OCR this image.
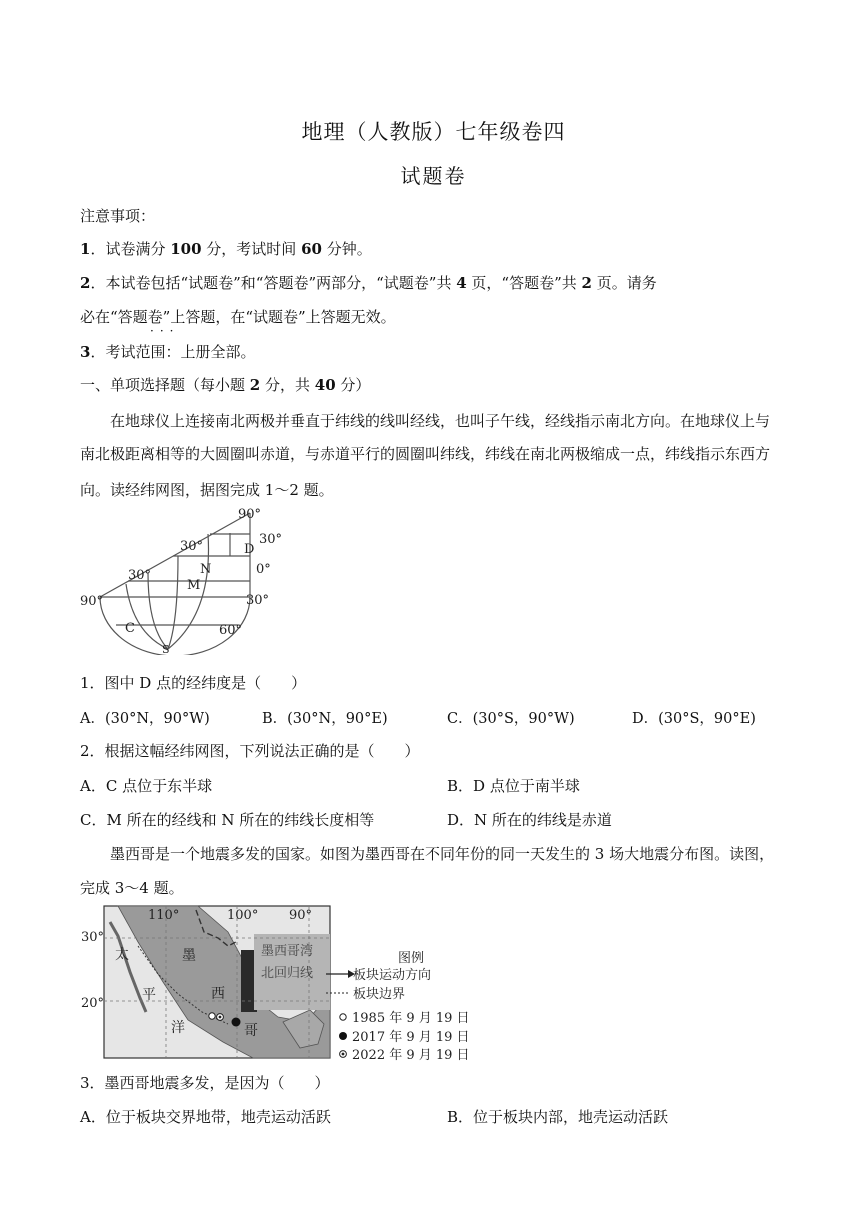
地理（人教版）七年级卷四
试题卷
注意事项：
1．试卷满分 100 分，考试时间 60 分钟。
2．本试卷包括“试题卷”和“答题卷”两部分，“试题卷”共 4 页，“答题卷”共 2 页。请务
必在“答题卷”上答题，在“试题卷”上答题无效。
···
3．考试范围：上册全部。
一、单项选择题（每小题 2 分，共 40 分）
在地球仪上连接南北两极并垂直于纬线的线叫经线，也叫子午线，经线指示南北方向。在地球仪上与
南北极距离相等的大圆圈叫赤道，与赤道平行的圆圈叫纬线，纬线在南北两极缩成一点，纬线指示东西方
向。读经纬网图，据图完成 1～2 题。
90°
30°	D
30°
30°	N	0°
M
90°	30°
C	60°
S
1．图中 D 点的经纬度是（　　）
A．(30°N，90°W)	B．(30°N，90°E)	C．(30°S，90°W)	D．(30°S，90°E)
2．根据这幅经纬网图，下列说法正确的是（　　）
A．C 点位于东半球	B．D 点位于南半球
C．M 所在的经线和 N 所在的纬线长度相等	D．N 所在的纬线是赤道
墨西哥是一个地震多发的国家。如图为墨西哥在不同年份的同一天发生的 3 场大地震分布图。读图，
完成 3～4 题。
110°	100° 90°
30°
20°
太
平
洋
墨
西
哥
墨西哥湾
北回归线
图例
板块运动方向
板块边界
1985 年 9 月 19 日
2017 年 9 月 19 日
2022 年 9 月 19 日
3．墨西哥地震多发，是因为（　　）
A．位于板块交界地带，地壳运动活跃	B．位于板块内部，地壳运动活跃
